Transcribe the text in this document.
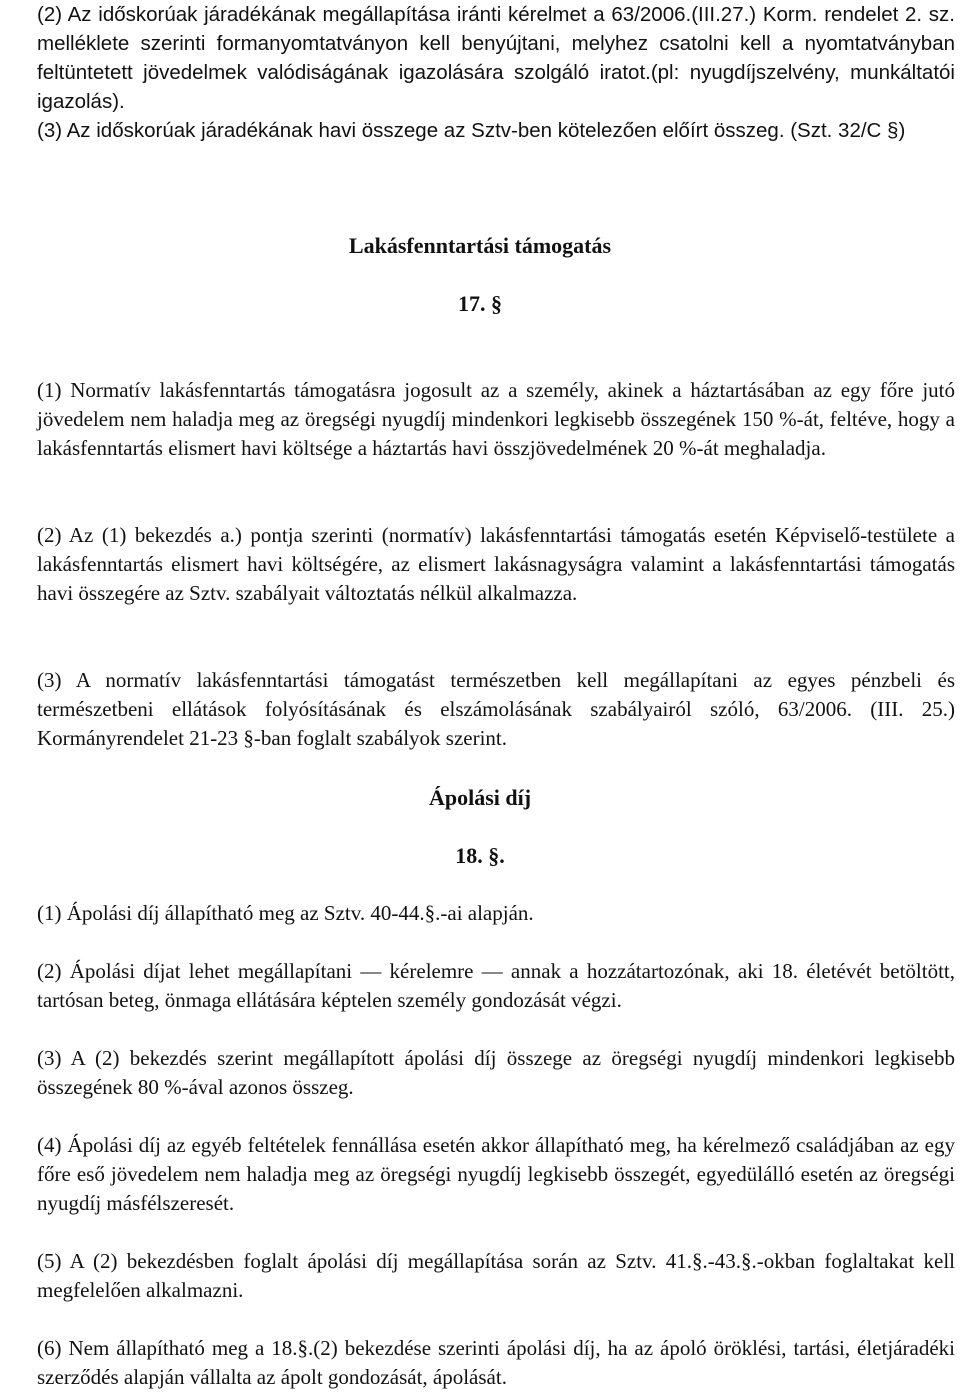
(2) Az időskorúak járadékának megállapítása iránti kérelmet a 63/2006.(III.27.) Korm. rendelet 2. sz. melléklete szerinti formanyomtatványon kell benyújtani, melyhez csatolni kell a nyomtatványban feltüntetett jövedelmek valódiságának igazolására szolgáló iratot.(pl: nyugdíjszelvény, munkáltatói igazolás).

(3) Az időskorúak járadékának havi összege az Sztv-ben kötelezően előírt összeg. (Szt. 32/C §)

Lakásfenntartási támogatás

17. §

(1) Normatív lakásfenntartás támogatásra jogosult az a személy, akinek a háztartásában az egy főre jutó jövedelem nem haladja meg az öregségi nyugdíj mindenkori legkisebb összegének 150 %-át, feltéve, hogy a lakásfenntartás elismert havi költsége a háztartás havi összjövedelmének 20 %-át meghaladja.

(2) Az (1) bekezdés a.) pontja szerinti (normatív) lakásfenntartási támogatás esetén Képviselő-testülete a lakásfenntartás elismert havi költségére, az elismert lakásnagyságra valamint a lakásfenntartási támogatás havi összegére az Sztv. szabályait változtatás nélkül alkalmazza.

(3) A normatív lakásfenntartási támogatást természetben kell megállapítani az egyes pénzbeli és természetbeni ellátások folyósításának és elszámolásának szabályairól szóló, 63/2006. (III. 25.) Kormányrendelet 21-23 §-ban foglalt szabályok szerint.

Ápolási díj

18. §.

(1) Ápolási díj állapítható meg az Sztv. 40-44.§.-ai alapján.

(2) Ápolási díjat lehet megállapítani — kérelemre — annak a hozzátartozónak, aki 18. életévét betöltött, tartósan beteg, önmaga ellátására képtelen személy gondozását végzi.

(3) A (2) bekezdés szerint megállapított ápolási díj összege az öregségi nyugdíj mindenkori legkisebb összegének 80 %-ával azonos összeg.

(4) Ápolási díj az egyéb feltételek fennállása esetén akkor állapítható meg, ha kérelmező családjában az egy főre eső jövedelem nem haladja meg az öregségi nyugdíj legkisebb összegét, egyedülálló esetén az öregségi nyugdíj másfélszeresét.

(5) A (2) bekezdésben foglalt ápolási díj megállapítása során az Sztv. 41.§.-43.§.-okban foglaltakat kell megfelelően alkalmazni.

(6) Nem állapítható meg a 18.§.(2) bekezdése szerinti ápolási díj, ha az ápoló öröklési, tartási, életjáradéki szerződés alapján vállalta az ápolt gondozását, ápolását.
